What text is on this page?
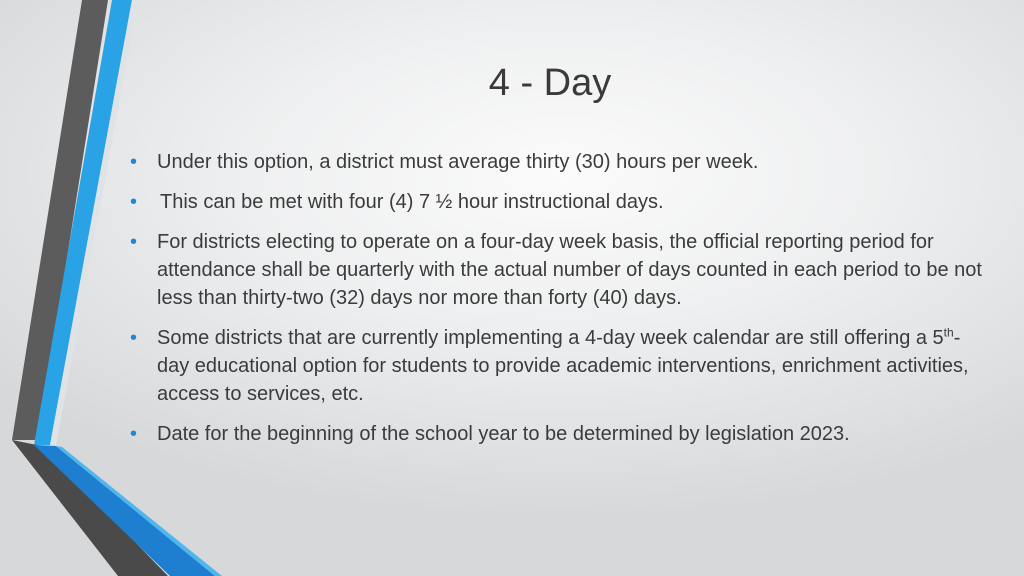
4 - Day
• Under this option, a district must average thirty (30) hours per week.
• This can be met with four (4) 7 ½ hour instructional days.
• For districts electing to operate on a four-day week basis, the official reporting period for attendance shall be quarterly with the actual number of days counted in each period to be not less than thirty-two (32) days nor more than forty (40) days.
• Some districts that are currently implementing a 4-day week calendar are still offering a 5th-day educational option for students to provide academic interventions, enrichment activities, access to services, etc.
• Date for the beginning of the school year to be determined by legislation 2023.
